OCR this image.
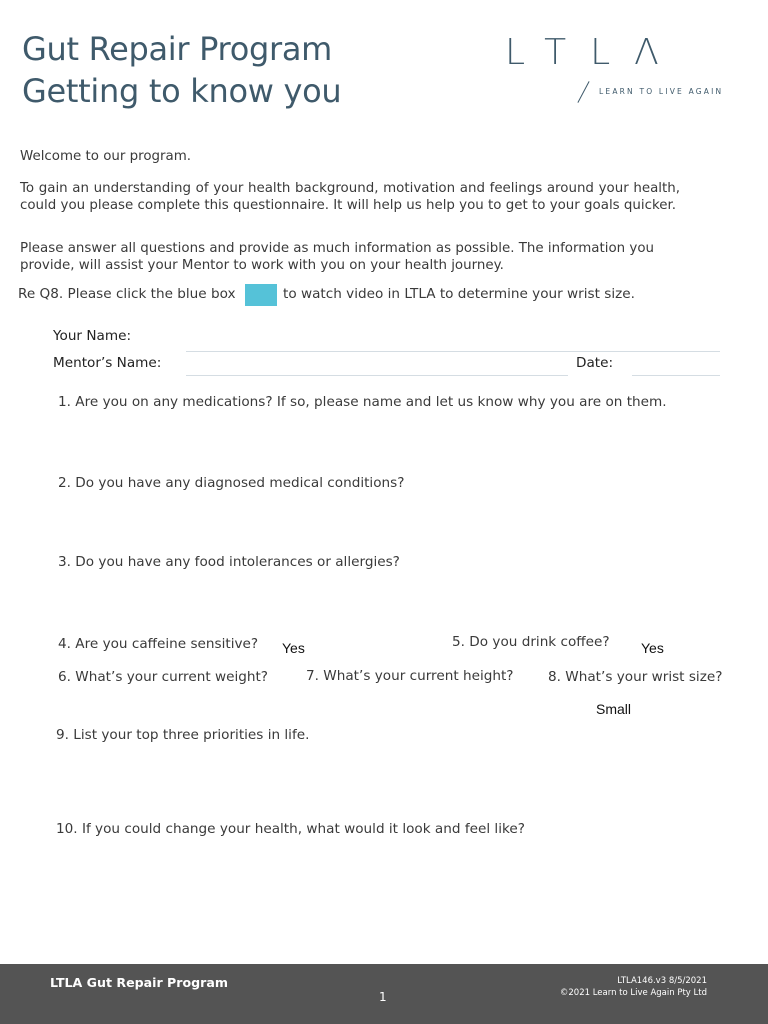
Gut Repair Program
Getting to know you
LTLΛ
LEARN TO LIVE AGAIN

Welcome to our program.

To gain an understanding of your health background, motivation and feelings around your health, could you please complete this questionnaire. It will help us help you to get to your goals quicker.

Please answer all questions and provide as much information as possible. The information you provide, will assist your Mentor to work with you on your health journey.

Re Q8. Please click the blue box	to watch video in LTLA to determine your wrist size.
Your Name:
Mentor’s Name:	Date:
1. Are you on any medications? If so, please name and let us know why you are on them.
2. Do you have any diagnosed medical conditions?
3. Do you have any food intolerances or allergies?
4. Are you caffeine sensitive? Yes	5. Do you drink coffee? Yes
6. What’s your current weight?	7. What’s your current height?	8. What’s your wrist size?
Small
9. List your top three priorities in life.
10. If you could change your health, what would it look and feel like?
LTLA Gut Repair Program
1
LTLA146.v3 8/5/2021
©2021 Learn to Live Again Pty Ltd
